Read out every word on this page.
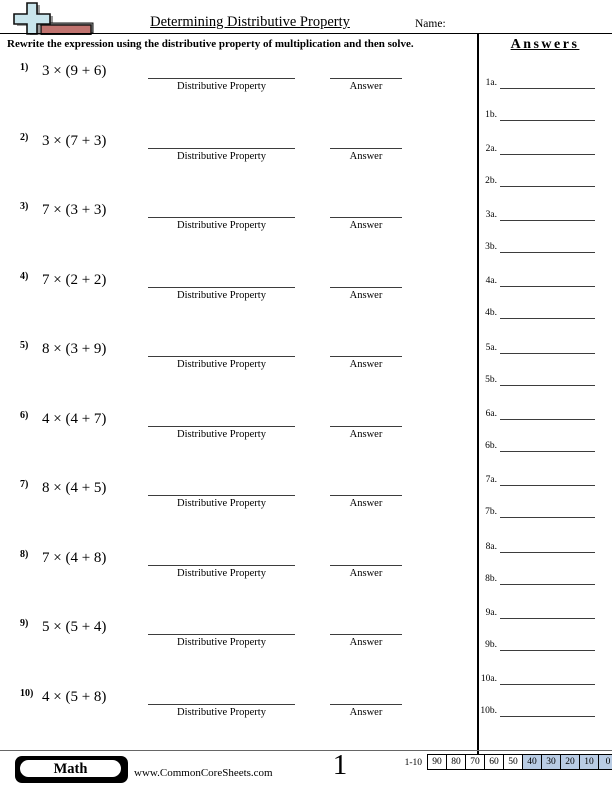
Determining Distributive Property	Name:
Rewrite the expression using the distributive property of multiplication and then solve.	Answers
1a.
1b.
2a.
2b.
3a.
3b.
4a.
4b.
5a.
5b.
6a.
6b.
7a.
7b.
8a.
8b.
9a.
9b.
10a.
10b.
1) 3 × (9 + 6)
Distributive Property	Answer
2) 3 × (7 + 3)
Distributive Property	Answer
3) 7 × (3 + 3)
Distributive Property	Answer
4) 7 × (2 + 2)
Distributive Property	Answer
5) 8 × (3 + 9)
Distributive Property	Answer
6) 4 × (4 + 7)
Distributive Property	Answer
7) 8 × (4 + 5)
Distributive Property	Answer
8) 7 × (4 + 8)
Distributive Property	Answer
9) 5 × (5 + 4)
Distributive Property	Answer
10) 4 × (5 + 8)
Distributive Property	Answer
Math	www.CommonCoreSheets.com	1	1-10	90	80	70	60	50	40	30	20	10	0
